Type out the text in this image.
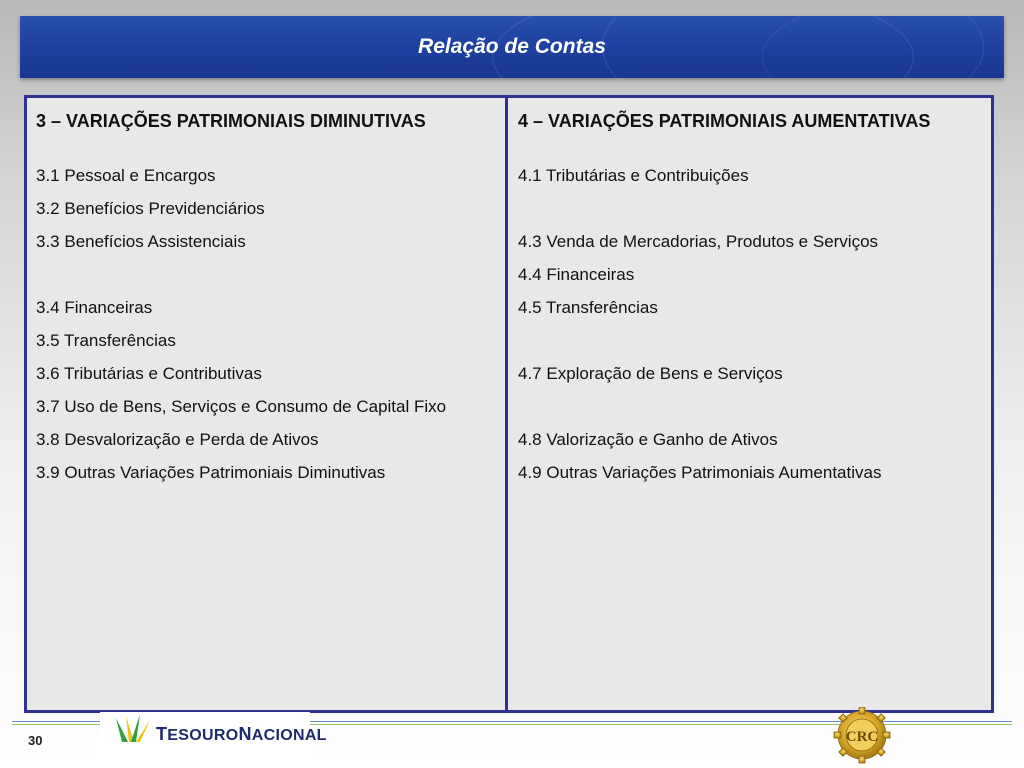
Relação de Contas
3 – VARIAÇÕES PATRIMONIAIS DIMINUTIVAS
3.1 Pessoal e Encargos
3.2 Benefícios Previdenciários
3.3 Benefícios Assistenciais
3.4 Financeiras
3.5 Transferências
3.6 Tributárias e Contributivas
3.7 Uso de Bens, Serviços e Consumo de Capital Fixo
3.8 Desvalorização e Perda de Ativos
3.9 Outras Variações Patrimoniais Diminutivas
4 – VARIAÇÕES PATRIMONIAIS AUMENTATIVAS
4.1 Tributárias e Contribuições
4.3 Venda de Mercadorias, Produtos e Serviços
4.4 Financeiras
4.5 Transferências
4.7 Exploração de Bens e Serviços
4.8 Valorização e Ganho de Ativos
4.9 Outras Variações Patrimoniais Aumentativas
30	TESOURONACIONAL	CRC
